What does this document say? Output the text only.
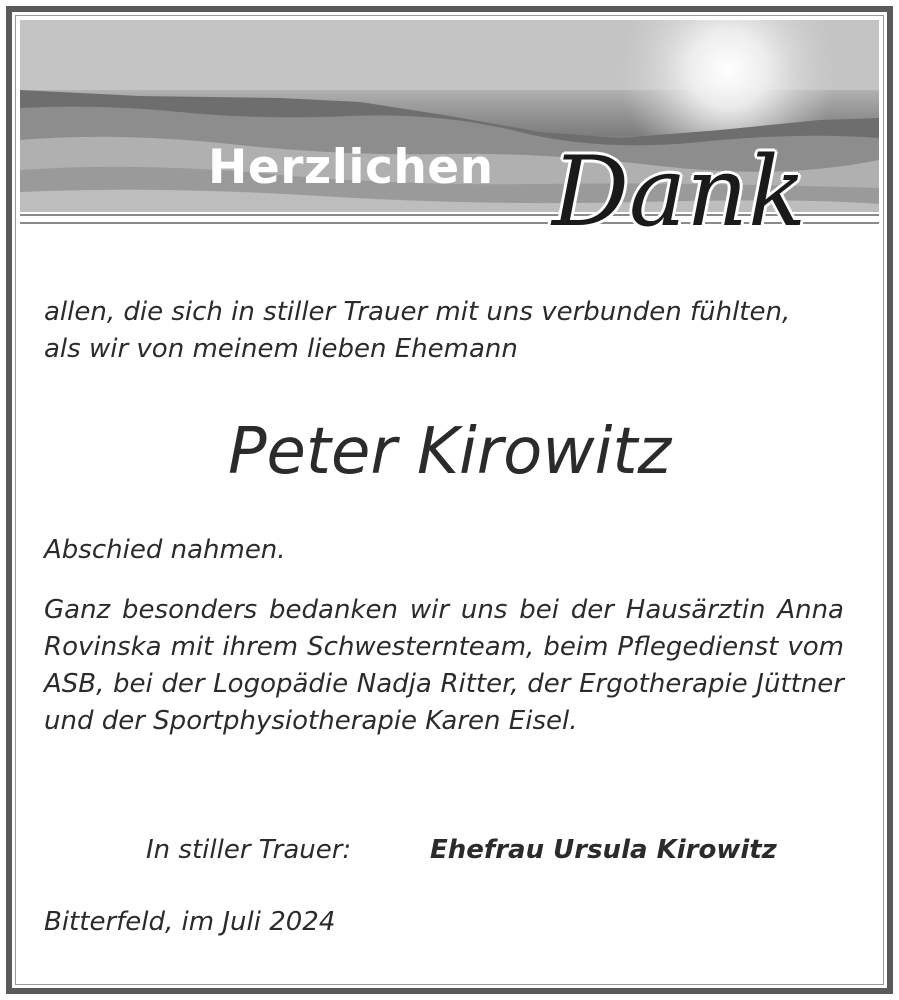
Herzlichen Dank
allen, die sich in stiller Trauer mit uns verbunden fühlten,
als wir von meinem lieben Ehemann
Peter Kirowitz
Abschied nahmen.
Ganz besonders bedanken wir uns bei der Hausärztin Anna Rovinska mit ihrem Schwesternteam, beim Pflegedienst vom ASB, bei der Logopädie Nadja Ritter, der Ergotherapie Jüttner und der Sportphysiotherapie Karen Eisel.
In stiller Trauer:	Ehefrau Ursula Kirowitz
Bitterfeld, im Juli 2024
